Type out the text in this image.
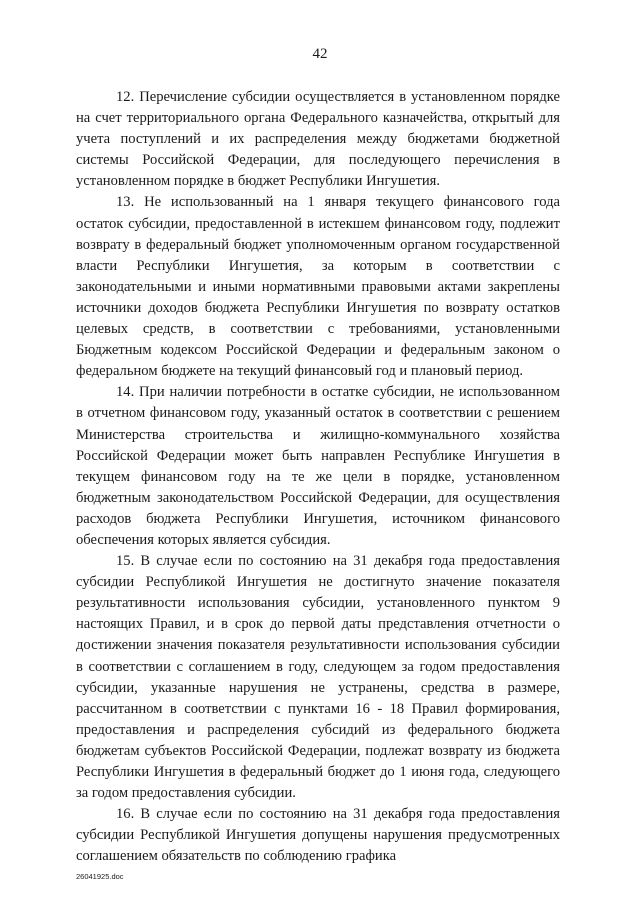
42

12. Перечисление субсидии осуществляется в установленном порядке на счет территориального органа Федерального казначейства, открытый для учета поступлений и их распределения между бюджетами бюджетной системы Российской Федерации, для последующего перечисления в установленном порядке в бюджет Республики Ингушетия.

13. Не использованный на 1 января текущего финансового года остаток субсидии, предоставленной в истекшем финансовом году, подлежит возврату в федеральный бюджет уполномоченным органом государственной власти Республики Ингушетия, за которым в соответствии с законодательными и иными нормативными правовыми актами закреплены источники доходов бюджета Республики Ингушетия по возврату остатков целевых средств, в соответствии с требованиями, установленными Бюджетным кодексом Российской Федерации и федеральным законом о федеральном бюджете на текущий финансовый год и плановый период.

14. При наличии потребности в остатке субсидии, не использованном в отчетном финансовом году, указанный остаток в соответствии с решением Министерства строительства и жилищно-коммунального хозяйства Российской Федерации может быть направлен Республике Ингушетия в текущем финансовом году на те же цели в порядке, установленном бюджетным законодательством Российской Федерации, для осуществления расходов бюджета Республики Ингушетия, источником финансового обеспечения которых является субсидия.

15. В случае если по состоянию на 31 декабря года предоставления субсидии Республикой Ингушетия не достигнуто значение показателя результативности использования субсидии, установленного пунктом 9 настоящих Правил, и в срок до первой даты представления отчетности о достижении значения показателя результативности использования субсидии в соответствии с соглашением в году, следующем за годом предоставления субсидии, указанные нарушения не устранены, средства в размере, рассчитанном в соответствии с пунктами 16 - 18 Правил формирования, предоставления и распределения субсидий из федерального бюджета бюджетам субъектов Российской Федерации, подлежат возврату из бюджета Республики Ингушетия в федеральный бюджет до 1 июня года, следующего за годом предоставления субсидии.

16. В случае если по состоянию на 31 декабря года предоставления субсидии Республикой Ингушетия допущены нарушения предусмотренных соглашением обязательств по соблюдению графика

26041925.doc
